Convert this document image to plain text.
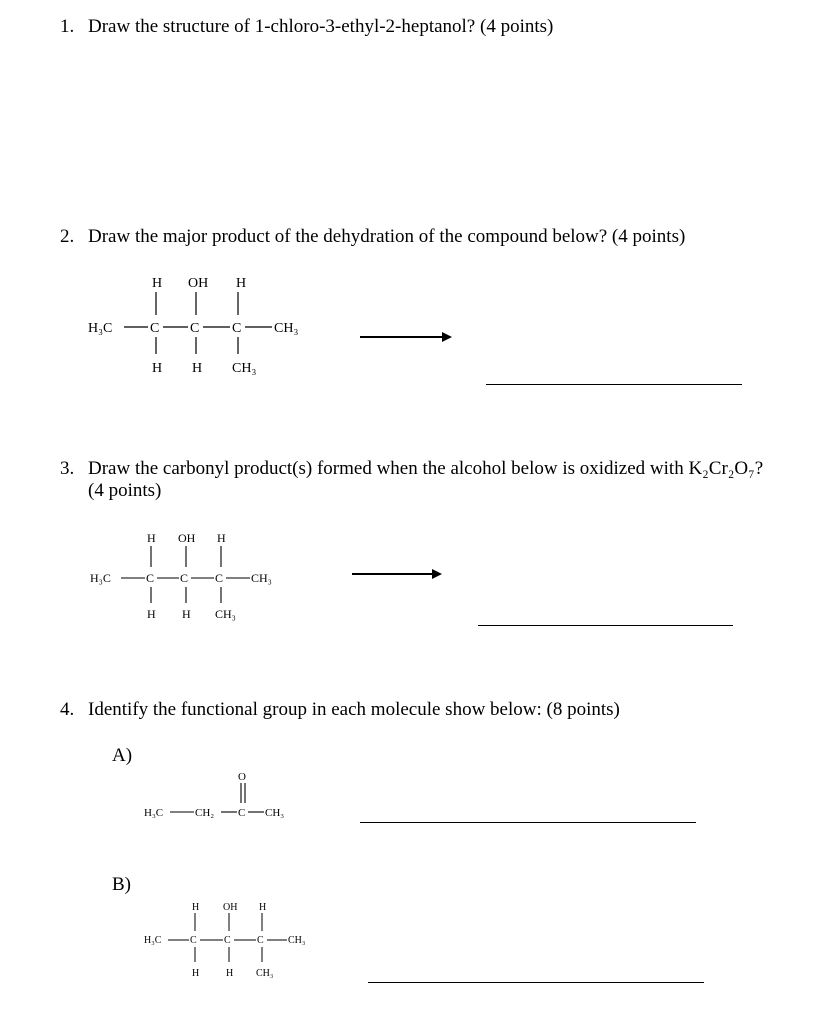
1. Draw the structure of 1-chloro-3-ethyl-2-heptanol? (4 points)
2. Draw the major product of the dehydration of the compound below? (4 points)
H₃C	C C C CH₃
H OH H
H H CH₃
3. Draw the carbonyl product(s) formed when the alcohol below is oxidized with K₂Cr₂O₇?
(4 points)
H₃C	C C C CH₃
H OH H
H H CH₃
4. Identify the functional group in each molecule show below: (8 points)
A)
H₃C	CH₂ C CH₃
O
B)
H₃C	C	C	C CH₃
H OH H
H	H CH₃
